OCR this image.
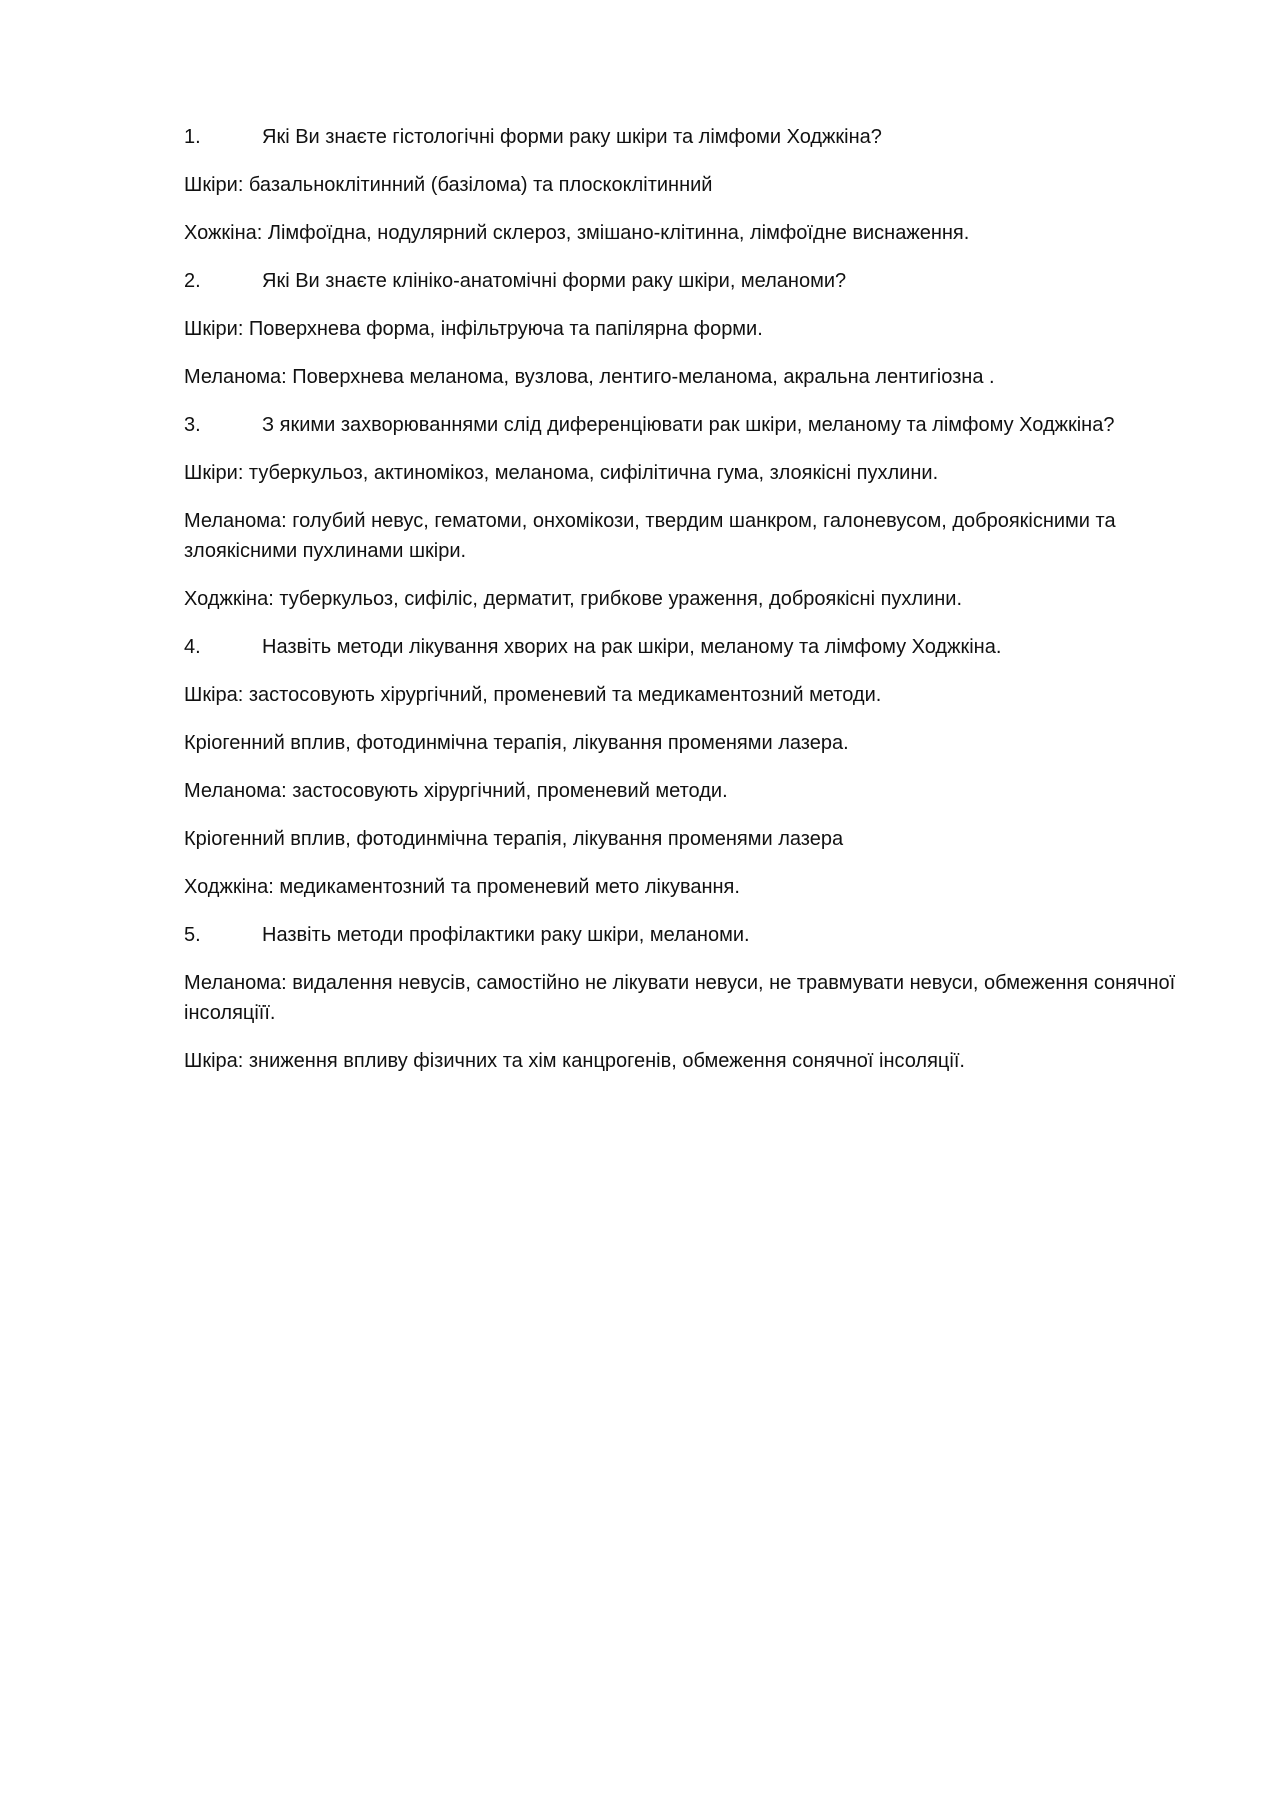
1.	Які Ви знаєте гістологічні форми раку шкіри та лімфоми Ходжкіна?

Шкіри: базальноклітинний (базілома) та плоскоклітинний

Хожкіна: Лімфоїдна, нодулярний склероз, змішано-клітинна, лімфоїдне виснаження.

2.	Які Ви знаєте клініко-анатомічні форми раку шкіри, меланоми?

Шкіри: Поверхнева форма, інфільтруюча та папілярна форми.

Меланома: Поверхнева меланома, вузлова, лентиго-меланома, акральна лентигіозна .

3.	З якими захворюваннями слід диференціювати рак шкіри, меланому та лімфому Ходжкіна?

Шкіри: туберкульоз, актиномікоз, меланома, сифілітична гума, злоякісні пухлини.

Меланома: голубий невус, гематоми, онхомікози, твердим шанкром, галоневусом, доброякісними та злоякісними пухлинами шкіри.

Ходжкіна: туберкульоз, сифіліс, дерматит, грибкове ураження, доброякісні пухлини.

4.	Назвіть методи лікування хворих на рак шкіри, меланому та лімфому Ходжкіна.

Шкіра: застосовують хірургічний, променевий та медикаментозний методи.

Кріогенний вплив, фотодинмічна терапія, лікування променями лазера.

Меланома: застосовують хірургічний, променевий методи.

Кріогенний вплив, фотодинмічна терапія, лікування променями лазера

Ходжкіна: медикаментозний та променевий мето лікування.

5.	Назвіть методи профілактики раку шкіри, меланоми.

Меланома: видалення невусів, самостійно не лікувати невуси, не травмувати невуси, обмеження сонячної інсоляціїї.

Шкіра: зниження впливу фізичних та хім канцрогенів, обмеження сонячної інсоляції.
